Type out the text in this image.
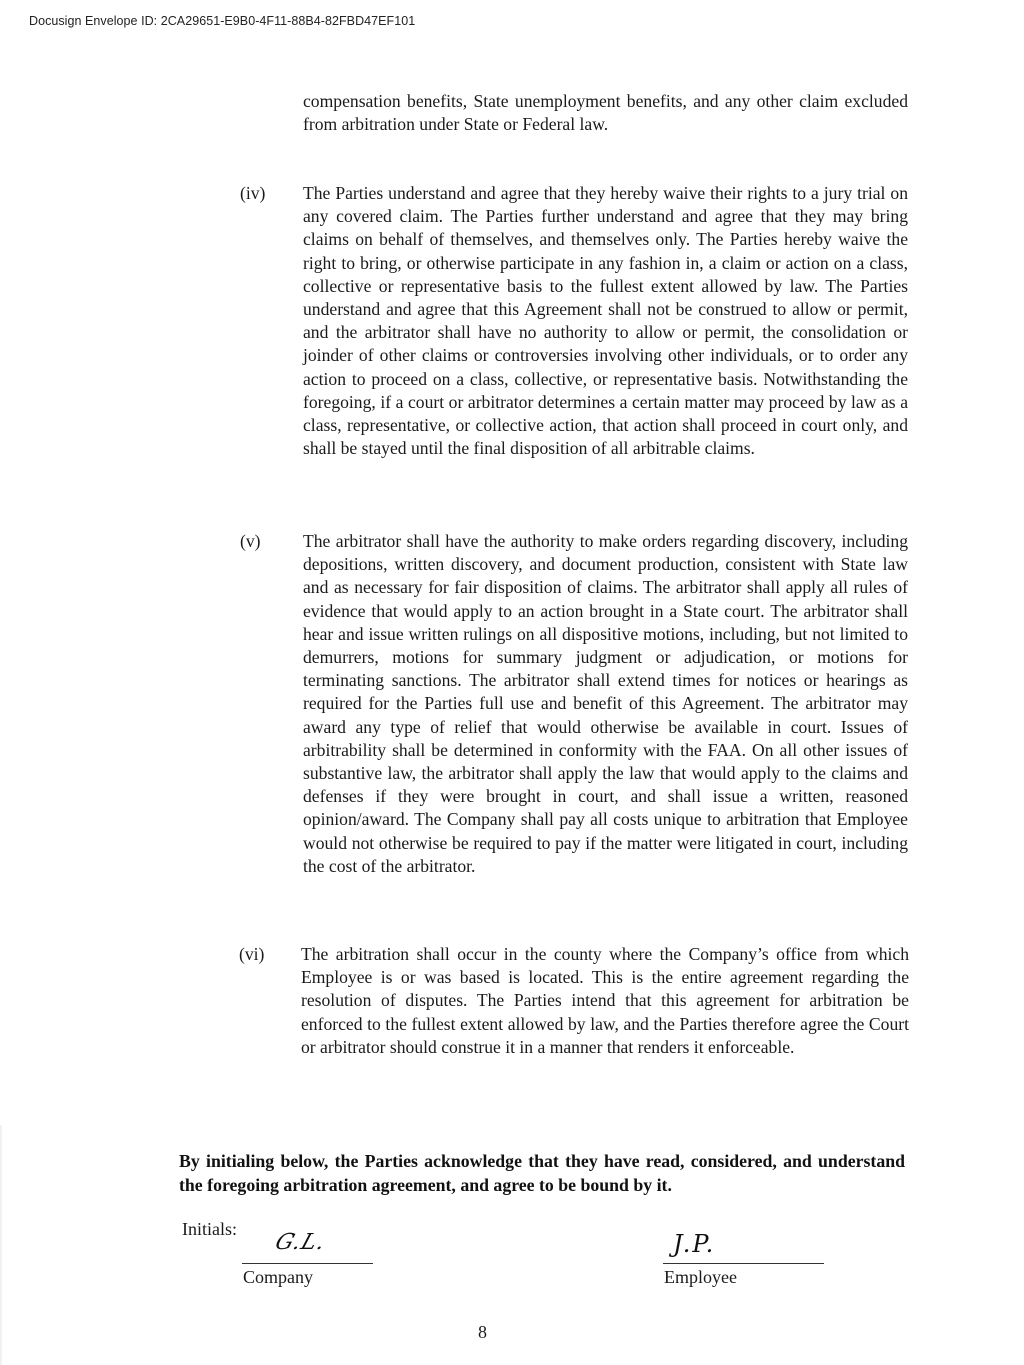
Docusign Envelope ID: 2CA29651-E9B0-4F11-88B4-82FBD47EF101
compensation benefits, State unemployment benefits, and any other claim excluded from arbitration under State or Federal law.
(iv)	The Parties understand and agree that they hereby waive their rights to a jury trial on any covered claim. The Parties further understand and agree that they may bring claims on behalf of themselves, and themselves only. The Parties hereby waive the right to bring, or otherwise participate in any fashion in, a claim or action on a class, collective or representative basis to the fullest extent allowed by law. The Parties understand and agree that this Agreement shall not be construed to allow or permit, and the arbitrator shall have no authority to allow or permit, the consolidation or joinder of other claims or controversies involving other individuals, or to order any action to proceed on a class, collective, or representative basis. Notwithstanding the foregoing, if a court or arbitrator determines a certain matter may proceed by law as a class, representative, or collective action, that action shall proceed in court only, and shall be stayed until the final disposition of all arbitrable claims.
(v)	The arbitrator shall have the authority to make orders regarding discovery, including depositions, written discovery, and document production, consistent with State law and as necessary for fair disposition of claims. The arbitrator shall apply all rules of evidence that would apply to an action brought in a State court. The arbitrator shall hear and issue written rulings on all dispositive motions, including, but not limited to demurrers, motions for summary judgment or adjudication, or motions for terminating sanctions. The arbitrator shall extend times for notices or hearings as required for the Parties full use and benefit of this Agreement. The arbitrator may award any type of relief that would otherwise be available in court. Issues of arbitrability shall be determined in conformity with the FAA. On all other issues of substantive law, the arbitrator shall apply the law that would apply to the claims and defenses if they were brought in court, and shall issue a written, reasoned opinion/award. The Company shall pay all costs unique to arbitration that Employee would not otherwise be required to pay if the matter were litigated in court, including the cost of the arbitrator.
(vi)	The arbitration shall occur in the county where the Company’s office from which Employee is or was based is located. This is the entire agreement regarding the resolution of disputes. The Parties intend that this agreement for arbitration be enforced to the fullest extent allowed by law, and the Parties therefore agree the Court or arbitrator should construe it in a manner that renders it enforceable.
By initialing below, the Parties acknowledge that they have read, considered, and understand the foregoing arbitration agreement, and agree to be bound by it.
Initials:
G.L.
Company
J.P.
Employee
8
